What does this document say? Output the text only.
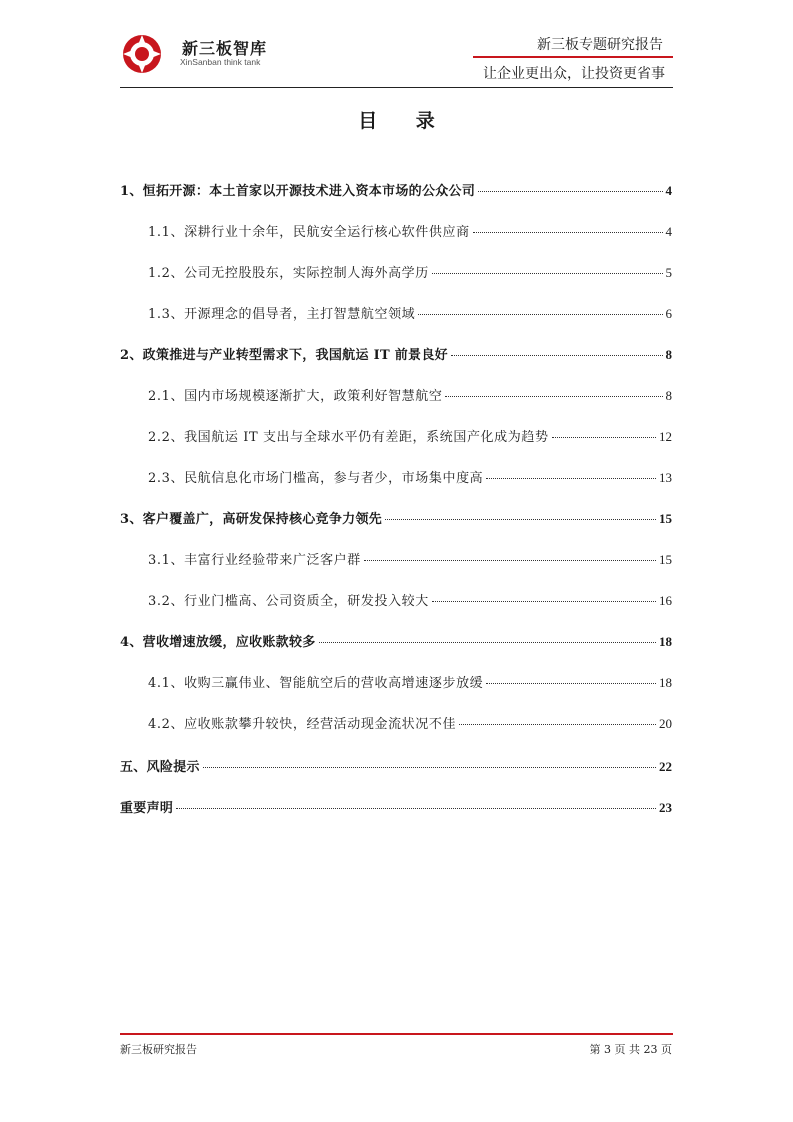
新三板智库
XinSanban think tank
新三板专题研究报告
让企业更出众，让投资更省事
目 录
1、恒拓开源：本土首家以开源技术进入资本市场的公众公司	4
1.1、深耕行业十余年，民航安全运行核心软件供应商	4
1.2、公司无控股股东，实际控制人海外高学历	5
1.3、开源理念的倡导者，主打智慧航空领域	6
2、政策推进与产业转型需求下，我国航运 IT 前景良好	8
2.1、国内市场规模逐渐扩大，政策利好智慧航空	8
2.2、我国航运 IT 支出与全球水平仍有差距，系统国产化成为趋势	12
2.3、民航信息化市场门槛高，参与者少，市场集中度高	13
3、客户覆盖广，高研发保持核心竞争力领先	15
3.1、丰富行业经验带来广泛客户群	15
3.2、行业门槛高、公司资质全，研发投入较大	16
4、营收增速放缓，应收账款较多	18
4.1、收购三赢伟业、智能航空后的营收高增速逐步放缓	18
4.2、应收账款攀升较快，经营活动现金流状况不佳	20
五、风险提示	22
重要声明	23
新三板研究报告	第 3 页 共 23 页
